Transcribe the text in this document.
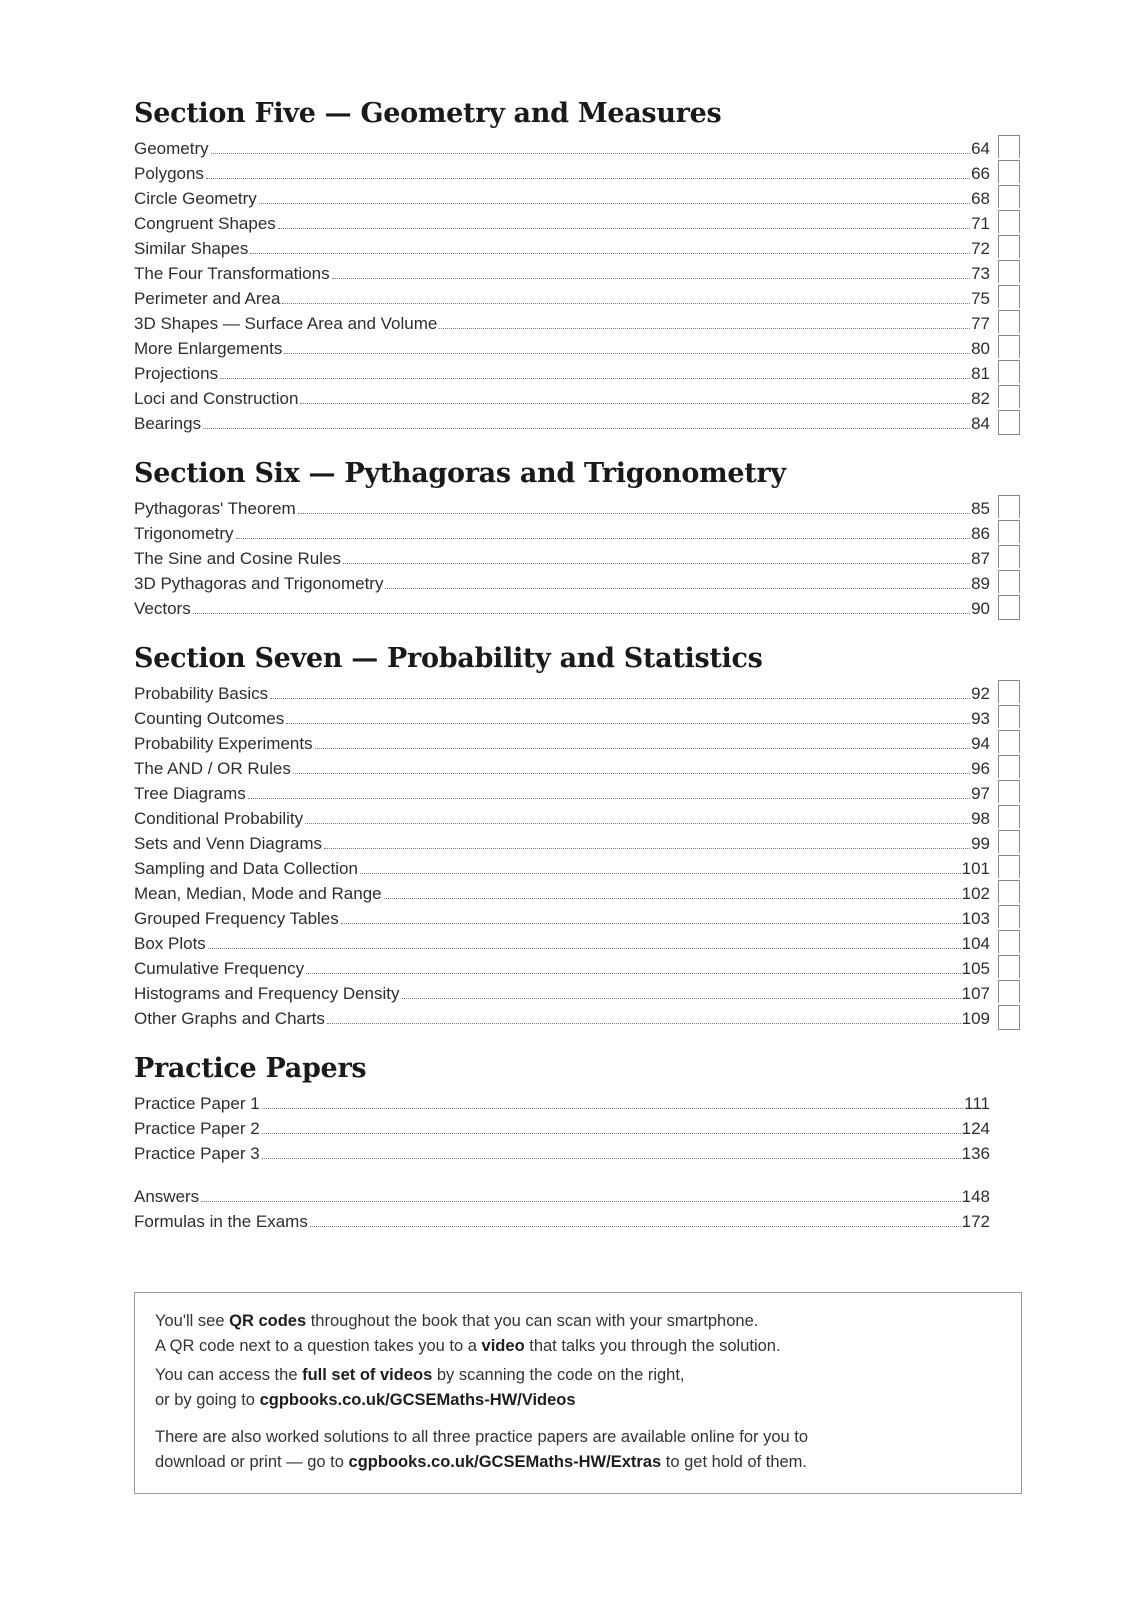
Section Five — Geometry and Measures
Geometry	64
Polygons	66
Circle Geometry	68
Congruent Shapes	71
Similar Shapes	72
The Four Transformations	73
Perimeter and Area	75
3D Shapes — Surface Area and Volume	77
More Enlargements	80
Projections	81
Loci and Construction	82
Bearings	84
Section Six — Pythagoras and Trigonometry
Pythagoras' Theorem	85
Trigonometry	86
The Sine and Cosine Rules	87
3D Pythagoras and Trigonometry	89
Vectors	90
Section Seven — Probability and Statistics
Probability Basics	92
Counting Outcomes	93
Probability Experiments	94
The AND / OR Rules	96
Tree Diagrams	97
Conditional Probability	98
Sets and Venn Diagrams	99
Sampling and Data Collection	101
Mean, Median, Mode and Range	102
Grouped Frequency Tables	103
Box Plots	104
Cumulative Frequency	105
Histograms and Frequency Density	107
Other Graphs and Charts	109
Practice Papers
Practice Paper 1	111
Practice Paper 2	124
Practice Paper 3	136
Answers	148
Formulas in the Exams	172

You'll see QR codes throughout the book that you can scan with your smartphone.

A QR code next to a question takes you to a video that talks you through the solution.

You can access the full set of videos by scanning the code on the right,

or by going to cgpbooks.co.uk/GCSEMaths-HW/Videos

There are also worked solutions to all three practice papers are available online for you to

download or print — go to cgpbooks.co.uk/GCSEMaths-HW/Extras to get hold of them.
